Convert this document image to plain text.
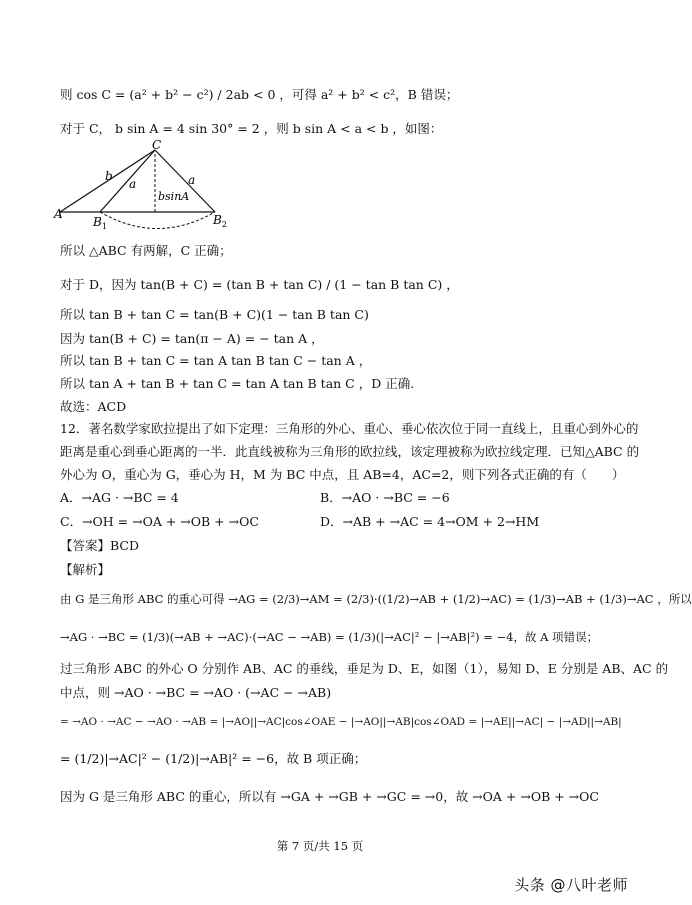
则 cos C = (a² + b² − c²) / 2ab < 0 ，可得 a² + b² < c²，B 错误；
对于 C， b sin A = 4 sin 30° = 2 ，则 b sin A < a < b ，如图：
C
A
$B_1$	$B_2$
b
a	a
bsinA
所以 △ABC 有两解，C 正确；
对于 D，因为 tan(B + C) = (tan B + tan C) / (1 − tan B tan C) ，
所以 tan B + tan C = tan(B + C)(1 − tan B tan C)
因为 tan(B + C) = tan(π − A) = − tan A ，
所以 tan B + tan C = tan A tan B tan C − tan A ，
所以 tan A + tan B + tan C = tan A tan B tan C ，D 正确.
故选：ACD
12．著名数学家欧拉提出了如下定理：三角形的外心、重心、垂心依次位于同一直线上，且重心到外心的
距离是重心到垂心距离的一半．此直线被称为三角形的欧拉线，该定理被称为欧拉线定理．已知△ABC 的
外心为 O，重心为 G，垂心为 H，M 为 BC 中点，且 AB=4，AC=2，则下列各式正确的有（　　）
A．→AG · →BC = 4	B．→AO · →BC = −6
C．→OH = →OA + →OB + →OC	D．→AB + →AC = 4→OM + 2→HM
【答案】BCD
【解析】
由 G 是三角形 ABC 的重心可得 →AG = (2/3)→AM = (2/3)·((1/2)→AB + (1/2)→AC) = (1/3)→AB + (1/3)→AC ，所以
→AG · →BC = (1/3)(→AB + →AC)·(→AC − →AB) = (1/3)(|→AC|² − |→AB|²) = −4，故 A 项错误；
过三角形 ABC 的外心 O 分别作 AB、AC 的垂线，垂足为 D、E，如图（1），易知 D、E 分别是 AB、AC 的
中点，则 →AO · →BC = →AO · (→AC − →AB)
= →AO · →AC − →AO · →AB = |→AO||→AC|cos∠OAE − |→AO||→AB|cos∠OAD = |→AE||→AC| − |→AD||→AB|
= (1/2)|→AC|² − (1/2)|→AB|² = −6，故 B 项正确；
因为 G 是三角形 ABC 的重心，所以有 →GA + →GB + →GC = →0，故 →OA + →OB + →OC
第 7 页/共 15 页
头条 @八叶老师
